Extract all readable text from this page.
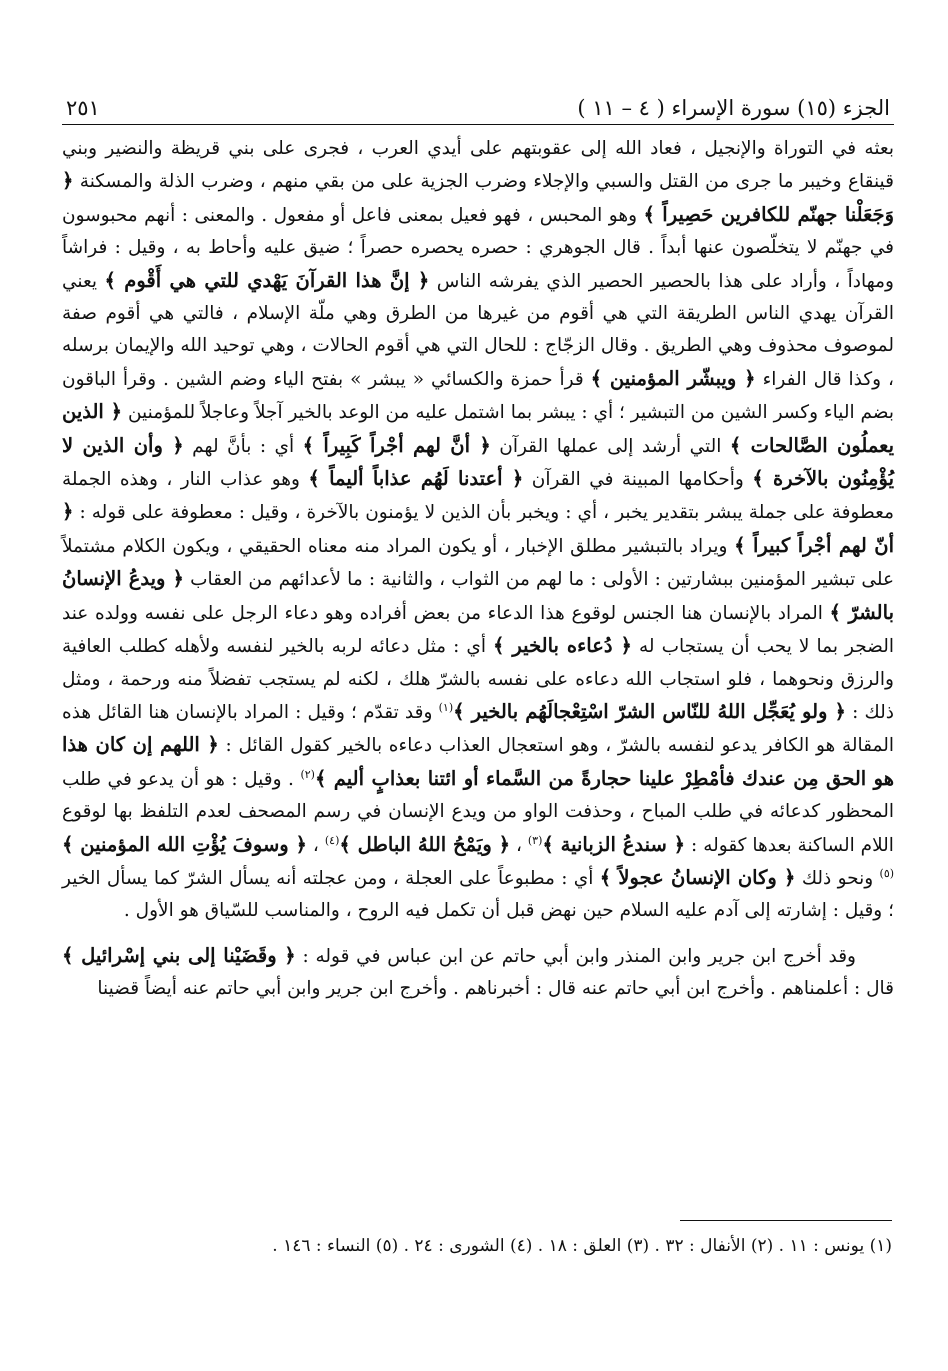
الجزء (١٥) سورة الإسراء ( ٤ – ١١ )
٢٥١

بعثه في التوراة والإنجيل ، فعاد الله إلى عقوبتهم على أيدي العرب ، فجرى على بني قريظة والنضير وبني قينقاع وخيبر ما جرى من القتل والسبي والإجلاء وضرب الجزية على من بقي منهم ، وضرب الذلة والمسكنة ﴿ وَجَعَلْنا جهنّم للكافرين حَصِيراً ﴾ وهو المحبس ، فهو فعيل بمعنى فاعل أو مفعول . والمعنى : أنهم محبوسون في جهنّم لا يتخلّصون عنها أبداً . قال الجوهري : حصره يحصره حصراً ؛ ضيق عليه وأحاط به ، وقيل : فراشاً ومهاداً ، وأراد على هذا بالحصير الحصير الذي يفرشه الناس ﴿ إنَّ هذا القرآنَ يَهْدي للتي هي أَقْوم ﴾ يعني القرآن يهدي الناس الطريقة التي هي أقوم من غيرها من الطرق وهي ملّة الإسلام ، فالتي هي أقوم صفة لموصوف محذوف وهي الطريق . وقال الزجّاج : للحال التي هي أقوم الحالات ، وهي توحيد الله والإيمان برسله ، وكذا قال الفراء ﴿ ويبشّر المؤمنين ﴾ قرأ حمزة والكسائي « يبشر » بفتح الياء وضم الشين . وقرأ الباقون بضم الياء وكسر الشين من التبشير ؛ أي : يبشر بما اشتمل عليه من الوعد بالخير آجلاً وعاجلاً للمؤمنين ﴿ الذين يعملُون الصَّالحات ﴾ التي أرشد إلى عملها القرآن ﴿ أنَّ لهم أجْراً كَبِيراً ﴾ أي : بأنَّ لهم ﴿ وأن الذين لا يُؤْمِنُون بالآخرة ﴾ وأحكامها المبينة في القرآن ﴿ أعتدنا لَهُم عذاباً أليماً ﴾ وهو عذاب النار ، وهذه الجملة معطوفة على جملة يبشر بتقدير يخبر ، أي : ويخبر بأن الذين لا يؤمنون بالآخرة ، وقيل : معطوفة على قوله : ﴿ أنّ لهم أجْراً كبيراً ﴾ ويراد بالتبشير مطلق الإخبار ، أو يكون المراد منه معناه الحقيقي ، ويكون الكلام مشتملاً على تبشير المؤمنين ببشارتين : الأولى : ما لهم من الثواب ، والثانية : ما لأعدائهم من العقاب ﴿ ويدعُ الإنسانُ بالشرّ ﴾ المراد بالإنسان هنا الجنس لوقوع هذا الدعاء من بعض أفراده وهو دعاء الرجل على نفسه وولده عند الضجر بما لا يحب أن يستجاب له ﴿ دُعاءه بالخير ﴾ أي : مثل دعائه لربه بالخير لنفسه ولأهله كطلب العافية والرزق ونحوهما ، فلو استجاب الله دعاءه على نفسه بالشرّ هلك ، لكنه لم يستجب تفضلاً منه ورحمة ، ومثل ذلك : ﴿ ولو يُعَجِّل اللهُ للنّاس الشرّ اسْتِعْجالَهُم بالخير ﴾$^{(١)}$ وقد تقدّم ؛ وقيل : المراد بالإنسان هنا القائل هذه المقالة هو الكافر يدعو لنفسه بالشرّ ، وهو استعجال العذاب دعاءه بالخير كقول القائل : ﴿ اللهم إن كان هذا هو الحق مِن عندك فأمْطِرْ علينا حجارةً من السَّماء أو ائتنا بعذابٍ أليم ﴾$^{(٢)}$ . وقيل : هو أن يدعو في طلب المحظور كدعائه في طلب المباح ، وحذفت الواو من ويدع الإنسان في رسم المصحف لعدم التلفظ بها لوقوع اللام الساكنة بعدها كقوله : ﴿ سندعُ الزبانية ﴾$^{(٣)}$ ، ﴿ ويَمْحُ اللهُ الباطل ﴾$^{(٤)}$ ، ﴿ وسوفَ يُؤْتِ الله المؤمنين ﴾$^{(٥)}$ ونحو ذلك ﴿ وكان الإنسانُ عجولاً ﴾ أي : مطبوعاً على العجلة ، ومن عجلته أنه يسأل الشرّ كما يسأل الخير ؛ وقيل : إشارته إلى آدم عليه السلام حين نهض قبل أن تكمل فيه الروح ، والمناسب للسّياق هو الأول .

وقد أخرج ابن جرير وابن المنذر وابن أبي حاتم عن ابن عباس في قوله : ﴿ وقَضَيْنا إلى بني إسْرائيل ﴾ قال : أعلمناهم . وأخرج ابن أبي حاتم عنه قال : أخبرناهم . وأخرج ابن جرير وابن أبي حاتم عنه أيضاً قضينا

(١) يونس : ١١ . (٢) الأنفال : ٣٢ . (٣) العلق : ١٨ . (٤) الشورى : ٢٤ . (٥) النساء : ١٤٦ .
